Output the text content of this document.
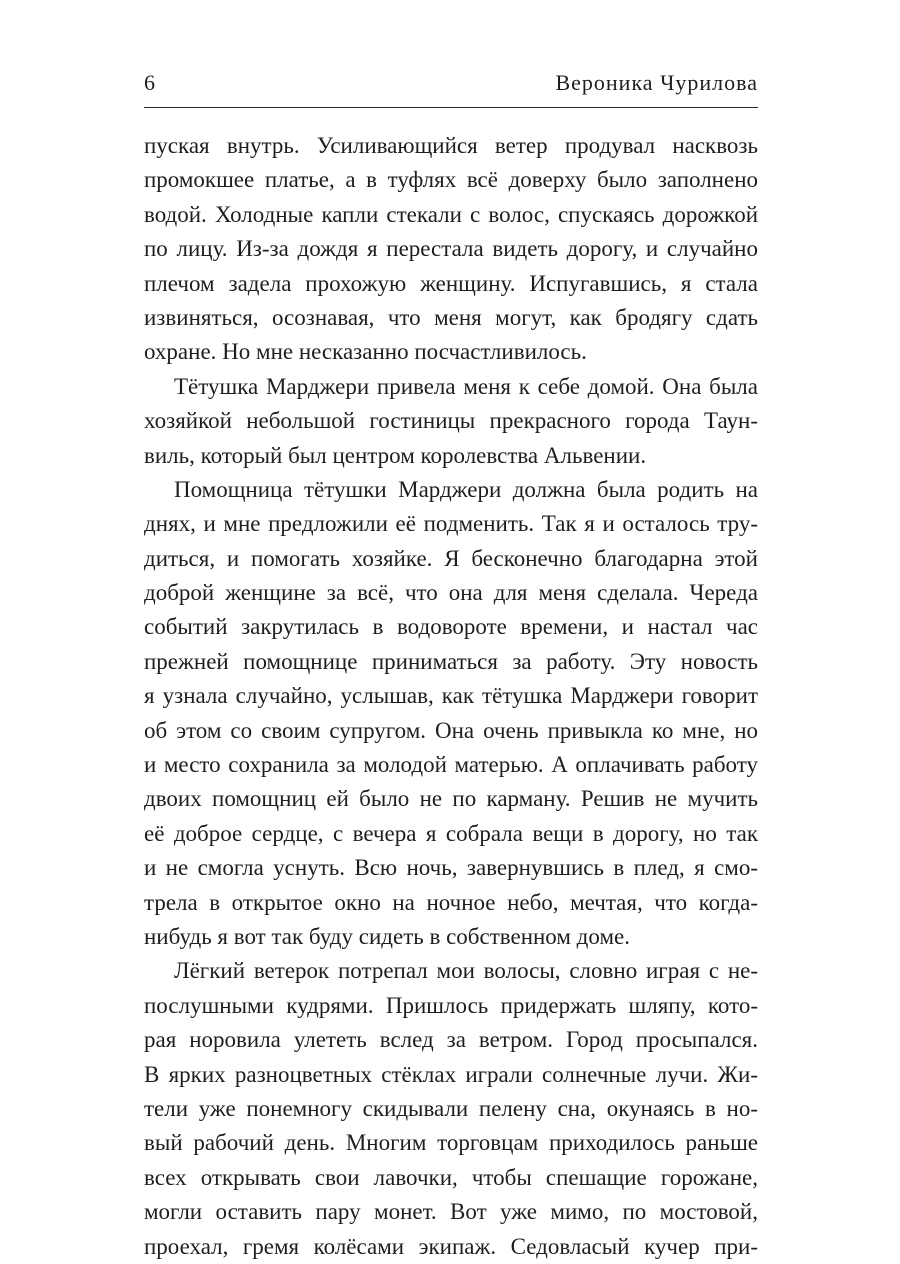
6	Вероника Чурилова
пуская внутрь. Усиливающийся ветер продувал насквозь
промокшее платье, а в туфлях всё доверху было заполнено
водой. Холодные капли стекали с волос, спускаясь дорожкой
по лицу. Из-за дождя я перестала видеть дорогу, и случайно
плечом задела прохожую женщину. Испугавшись, я стала
извиняться, осознавая, что меня могут, как бродягу сдать
охране. Но мне несказанно посчастливилось.
Тётушка Марджери привела меня к себе домой. Она была
хозяйкой небольшой гостиницы прекрасного города Таун-
виль, который был центром королевства Альвении.
Помощница тётушки Марджери должна была родить на
днях, и мне предложили её подменить. Так я и осталось тру-
диться, и помогать хозяйке. Я бесконечно благодарна этой
доброй женщине за всё, что она для меня сделала. Череда
событий закрутилась в водовороте времени, и настал час
прежней помощнице приниматься за работу. Эту новость
я узнала случайно, услышав, как тётушка Марджери говорит
об этом со своим супругом. Она очень привыкла ко мне, но
и место сохранила за молодой матерью. А оплачивать работу
двоих помощниц ей было не по карману. Решив не мучить
её доброе сердце, с вечера я собрала вещи в дорогу, но так
и не смогла уснуть. Всю ночь, завернувшись в плед, я смо-
трела в открытое окно на ночное небо, мечтая, что когда-
нибудь я вот так буду сидеть в собственном доме.
Лёгкий ветерок потрепал мои волосы, словно играя с не-
послушными кудрями. Пришлось придержать шляпу, кото-
рая норовила улететь вслед за ветром. Город просыпался.
В ярких разноцветных стёклах играли солнечные лучи. Жи-
тели уже понемногу скидывали пелену сна, окунаясь в но-
вый рабочий день. Многим торговцам приходилось раньше
всех открывать свои лавочки, чтобы спешащие горожане,
могли оставить пару монет. Вот уже мимо, по мостовой,
проехал, гремя колёсами экипаж. Седовласый кучер при-
